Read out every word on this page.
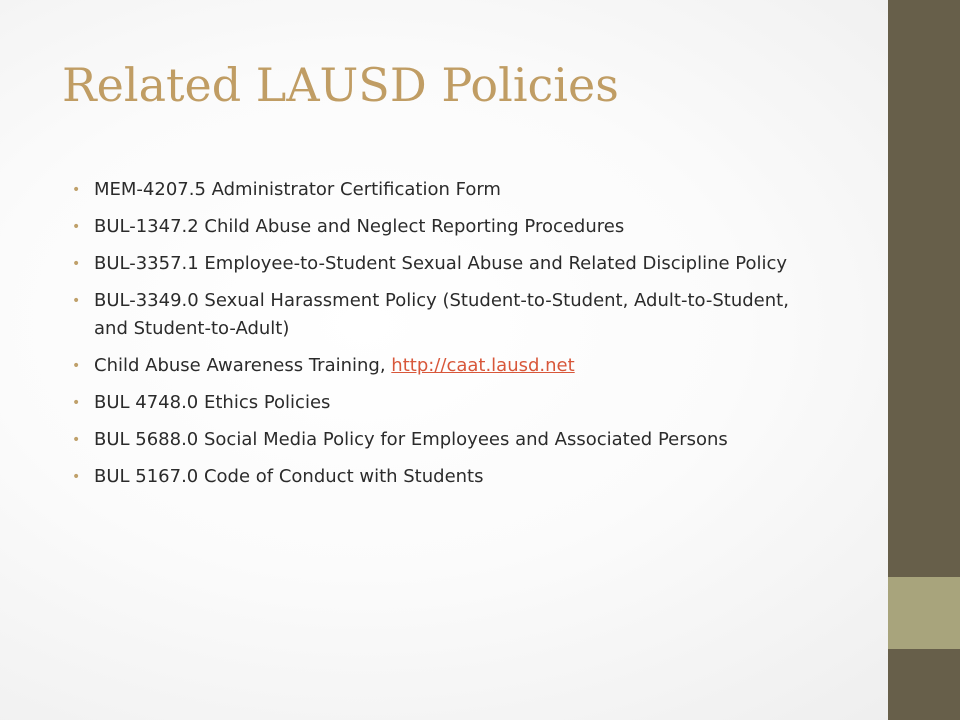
Related LAUSD Policies
• MEM-4207.5 Administrator Certification Form
• BUL-1347.2 Child Abuse and Neglect Reporting Procedures
• BUL-3357.1 Employee-to-Student Sexual Abuse and Related Discipline Policy
• BUL-3349.0 Sexual Harassment Policy (Student-to-Student, Adult-to-Student, and Student-to-Adult)
• Child Abuse Awareness Training, http://caat.lausd.net
• BUL 4748.0 Ethics Policies
• BUL 5688.0 Social Media Policy for Employees and Associated Persons
• BUL 5167.0 Code of Conduct with Students
